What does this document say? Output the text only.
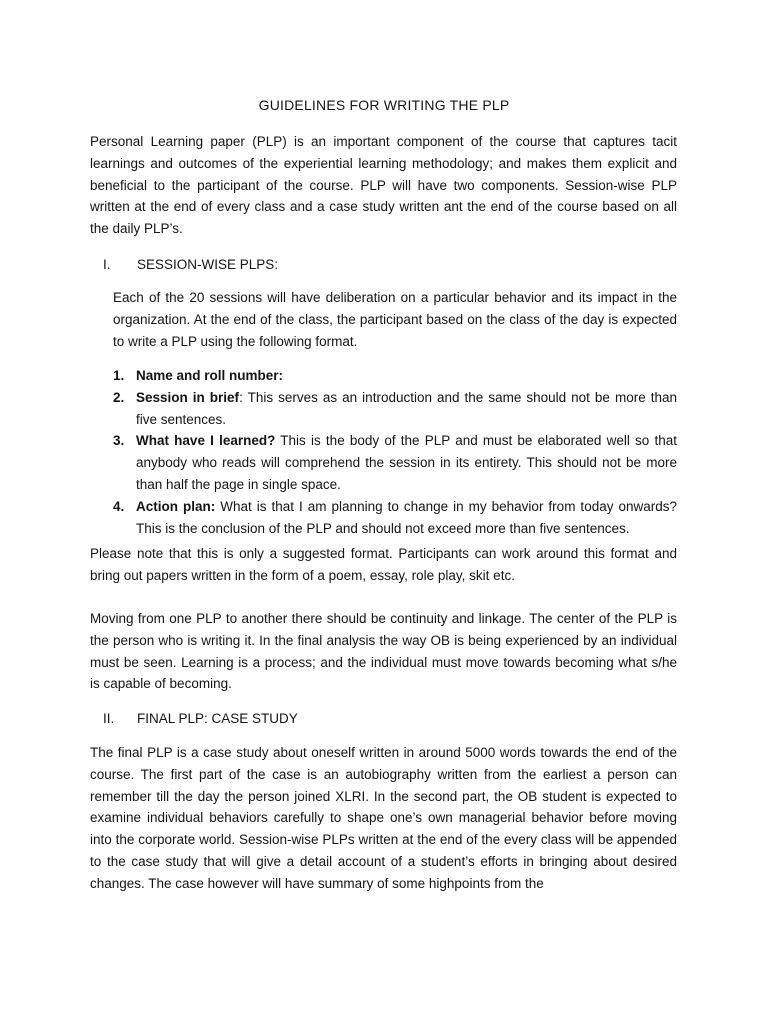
GUIDELINES FOR WRITING THE PLP

Personal Learning paper (PLP) is an important component of the course that captures tacit learnings and outcomes of the experiential learning methodology; and makes them explicit and beneficial to the participant of the course. PLP will have two components. Session-wise PLP written at the end of every class and a case study written ant the end of the course based on all the daily PLP’s.

I. SESSION-WISE PLPS:

Each of the 20 sessions will have deliberation on a particular behavior and its impact in the organization. At the end of the class, the participant based on the class of the day is expected to write a PLP using the following format.

1. Name and roll number:
2. Session in brief: This serves as an introduction and the same should not be more than five sentences.
3. What have I learned? This is the body of the PLP and must be elaborated well so that anybody who reads will comprehend the session in its entirety. This should not be more than half the page in single space.
4. Action plan: What is that I am planning to change in my behavior from today onwards? This is the conclusion of the PLP and should not exceed more than five sentences.

Please note that this is only a suggested format. Participants can work around this format and bring out papers written in the form of a poem, essay, role play, skit etc.

Moving from one PLP to another there should be continuity and linkage. The center of the PLP is the person who is writing it. In the final analysis the way OB is being experienced by an individual must be seen. Learning is a process; and the individual must move towards becoming what s/he is capable of becoming.

II. FINAL PLP: CASE STUDY

The final PLP is a case study about oneself written in around 5000 words towards the end of the course. The first part of the case is an autobiography written from the earliest a person can remember till the day the person joined XLRI. In the second part, the OB student is expected to examine individual behaviors carefully to shape one’s own managerial behavior before moving into the corporate world. Session-wise PLPs written at the end of the every class will be appended to the case study that will give a detail account of a student’s efforts in bringing about desired changes. The case however will have summary of some highpoints from the
